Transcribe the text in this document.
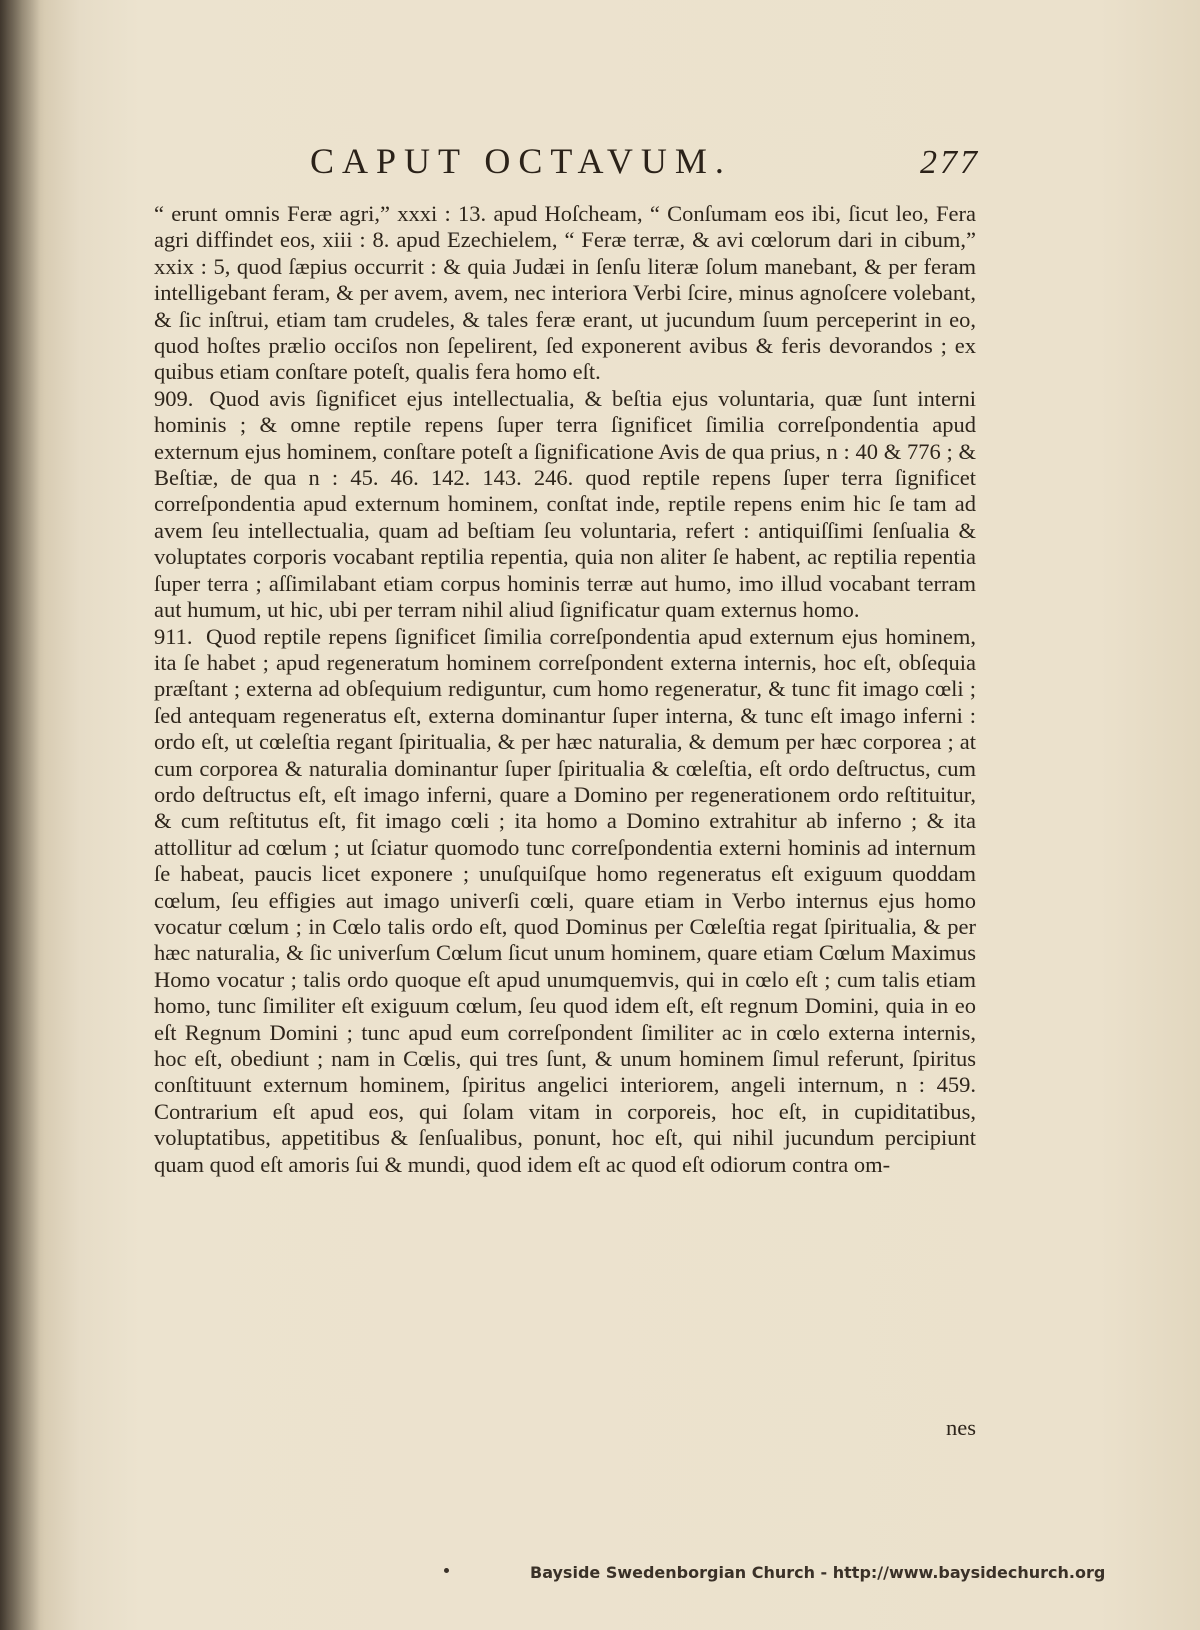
CAPUT OCTAVUM.	277

“ erunt omnis Feræ agri,” xxxi : 13. apud Hoſcheam, “ Conſumam eos ibi, ſicut leo, Fera agri diffindet eos, xiii : 8. apud Ezechielem, “ Feræ terræ, & avi cœlorum dari in cibum,” xxix : 5, quod ſæpius occurrit : & quia Judæi in ſenſu literæ ſolum manebant, & per feram intelligebant feram, & per avem, avem, nec interiora Verbi ſcire, minus agnoſcere volebant, & ſic inſtrui, etiam tam crudeles, & tales feræ erant, ut jucundum ſuum perceperint in eo, quod hoſtes prælio occiſos non ſepelirent, ſed exponerent avibus & feris devorandos ; ex quibus etiam conſtare poteſt, qualis fera homo eſt.

909. Quod avis ſignificet ejus intellectualia, & beſtia ejus voluntaria, quæ ſunt interni hominis ; & omne reptile repens ſuper terra ſignificet ſimilia correſpondentia apud externum ejus hominem, conſtare poteſt a ſignificatione Avis de qua prius, n : 40 & 776 ; & Beſtiæ, de qua n : 45. 46. 142. 143. 246. quod reptile repens ſuper terra ſignificet correſpondentia apud externum hominem, conſtat inde, reptile repens enim hic ſe tam ad avem ſeu intellectualia, quam ad beſtiam ſeu voluntaria, refert : antiquiſſimi ſenſualia & voluptates corporis vocabant reptilia repentia, quia non aliter ſe habent, ac reptilia repentia ſuper terra ; aſſimilabant etiam corpus hominis terræ aut humo, imo illud vocabant terram aut humum, ut hic, ubi per terram nihil aliud ſignificatur quam externus homo.

911. Quod reptile repens ſignificet ſimilia correſpondentia apud externum ejus hominem, ita ſe habet ; apud regeneratum hominem correſpondent externa internis, hoc eſt, obſequia præſtant ; externa ad obſequium rediguntur, cum homo regeneratur, & tunc fit imago cœli ; ſed antequam regeneratus eſt, externa dominantur ſuper interna, & tunc eſt imago inferni : ordo eſt, ut cœleſtia regant ſpiritualia, & per hæc naturalia, & demum per hæc corporea ; at cum corporea & naturalia dominantur ſuper ſpiritualia & cœleſtia, eſt ordo deſtructus, cum ordo deſtructus eſt, eſt imago inferni, quare a Domino per regenerationem ordo reſtituitur, & cum reſtitutus eſt, fit imago cœli ; ita homo a Domino extrahitur ab inferno ; & ita attollitur ad cœlum ; ut ſciatur quomodo tunc correſpondentia externi hominis ad internum ſe habeat, paucis licet exponere ; unuſquiſque homo regeneratus eſt exiguum quoddam cœlum, ſeu effigies aut imago univerſi cœli, quare etiam in Verbo internus ejus homo vocatur cœlum ; in Cœlo talis ordo eſt, quod Dominus per Cœleſtia regat ſpiritualia, & per hæc naturalia, & ſic univerſum Cœlum ſicut unum hominem, quare etiam Cœlum Maximus Homo vocatur ; talis ordo quoque eſt apud unumquemvis, qui in cœlo eſt ; cum talis etiam homo, tunc ſimiliter eſt exiguum cœlum, ſeu quod idem eſt, eſt regnum Domini, quia in eo eſt Regnum Domini ; tunc apud eum correſpondent ſimiliter ac in cœlo externa internis, hoc eſt, obediunt ; nam in Cœlis, qui tres ſunt, & unum hominem ſimul referunt, ſpiritus conſtituunt externum hominem, ſpiritus angelici interiorem, angeli internum, n : 459. Contrarium eſt apud eos, qui ſolam vitam in corporeis, hoc eſt, in cupiditatibus, voluptatibus, appetitibus & ſenſualibus, ponunt, hoc eſt, qui nihil jucundum percipiunt quam quod eſt amoris ſui & mundi, quod idem eſt ac quod eſt odiorum contra om-

nes
Bayside Swedenborgian Church - http://www.baysidechurch.org
